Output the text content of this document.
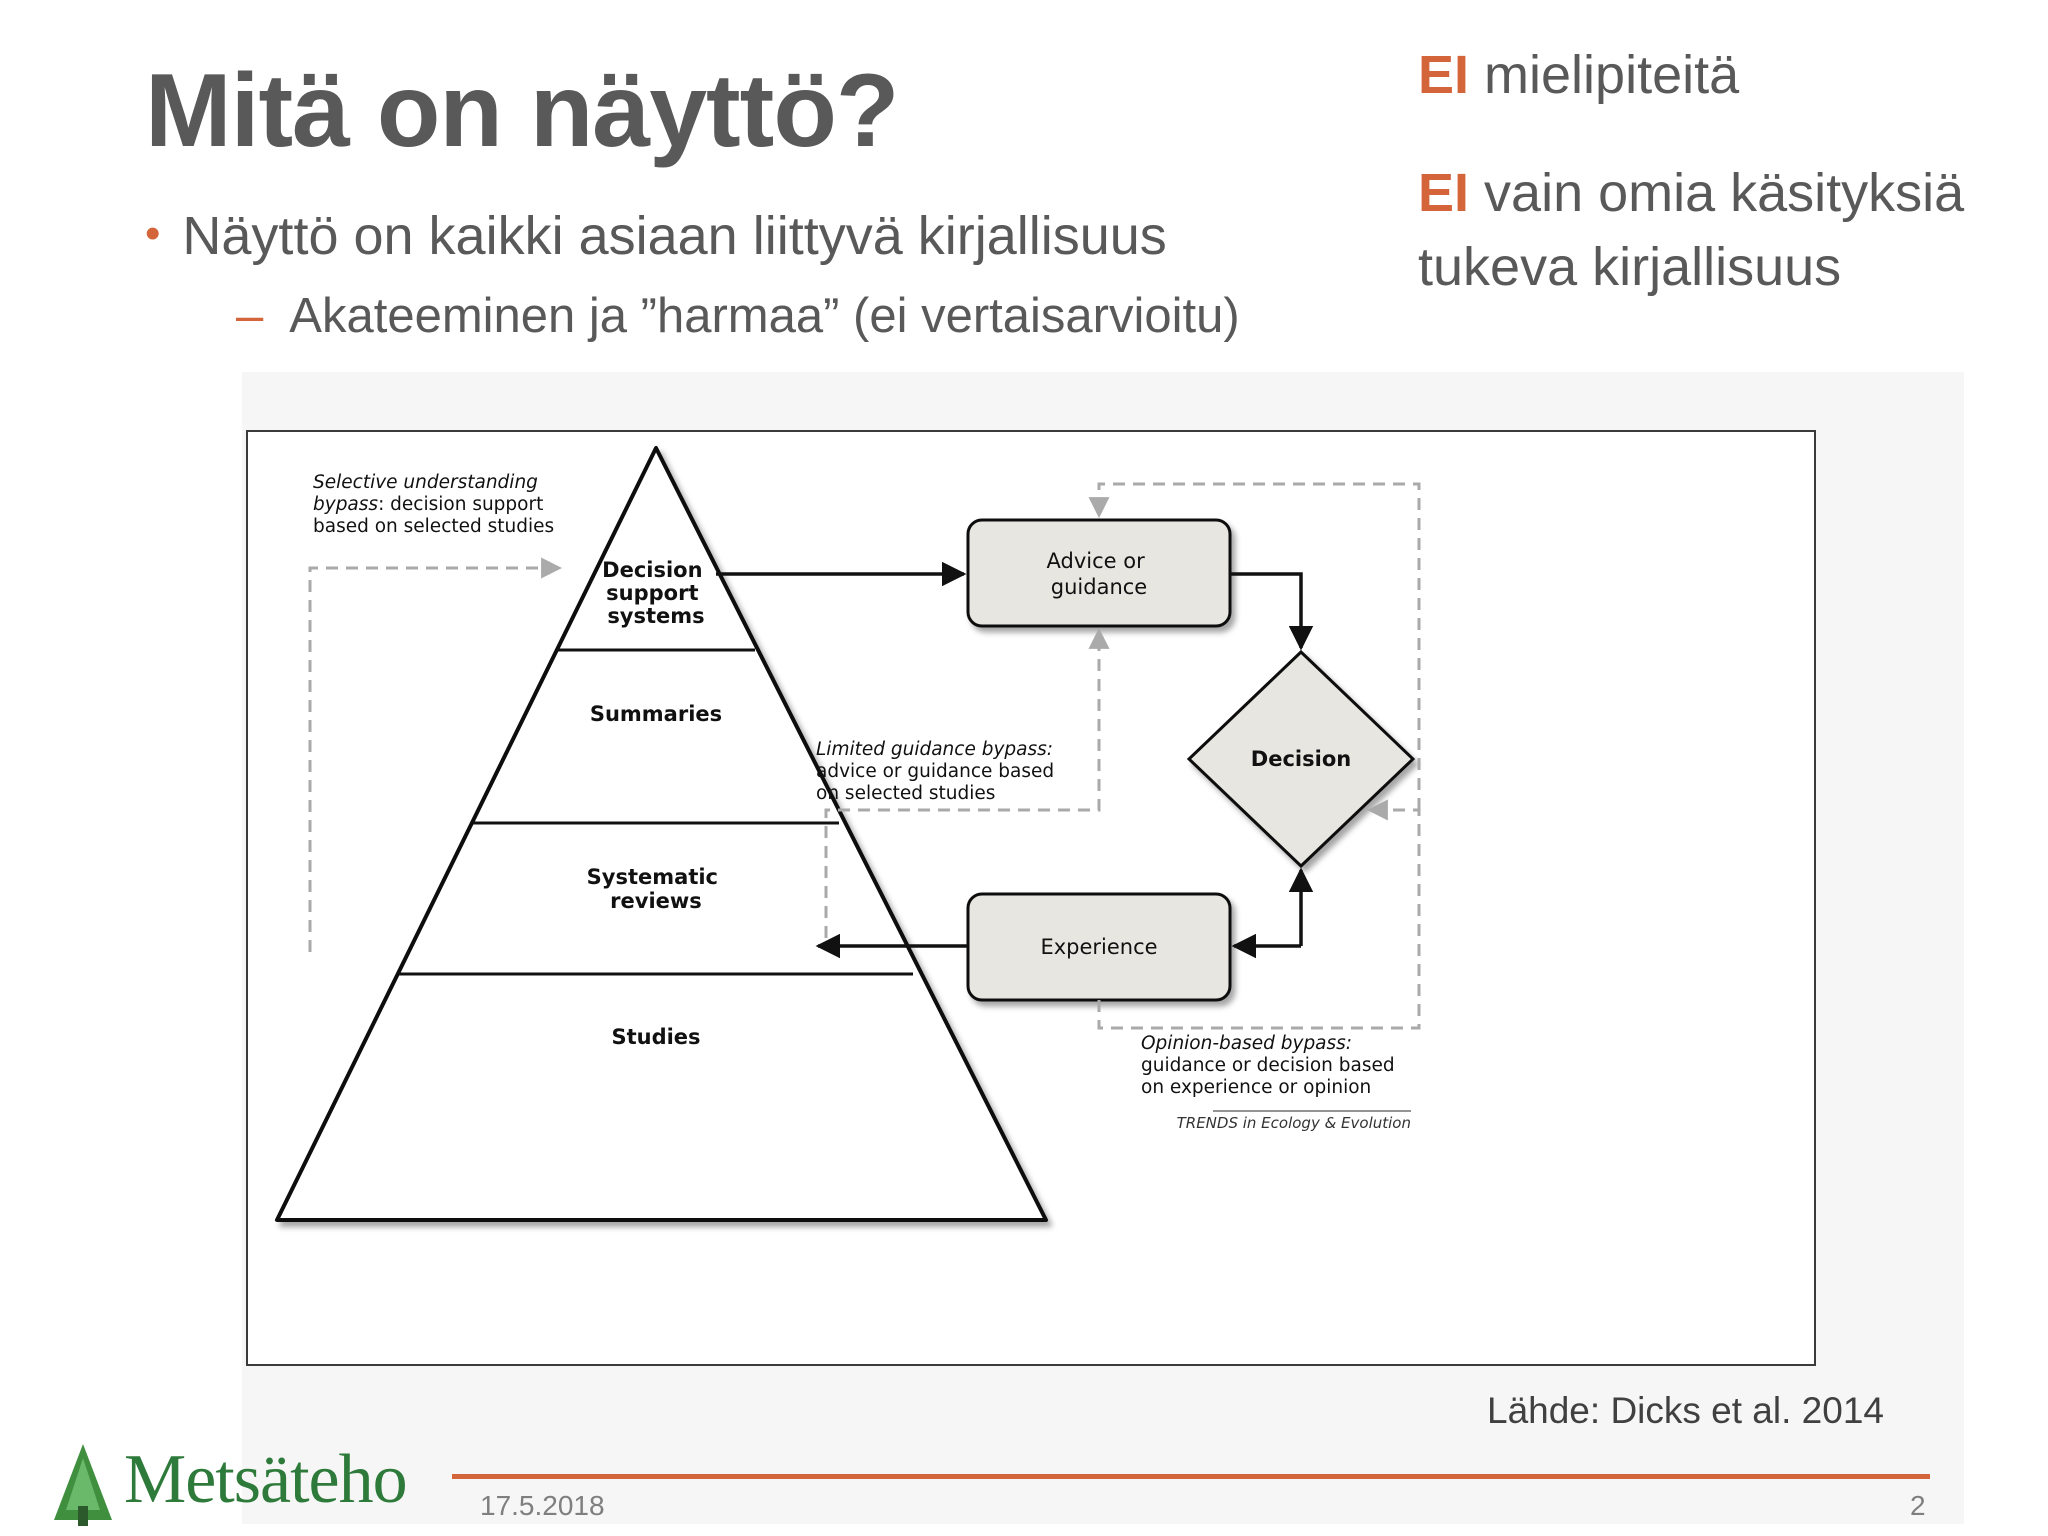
Mitä on näyttö?
• Näyttö on kaikki asiaan liittyvä kirjallisuus
– Akateeminen ja ”harmaa” (ei vertaisarvioitu)
EI mielipiteitä
EI vain omia käsityksiä
tukeva kirjallisuus
Decision support systems
Summaries
Systematic reviews
Studies
Advice or guidance
Decision
Experience
Selective understanding bypass: decision support based on selected studies
Limited guidance bypass: advice or guidance based on selected studies
Opinion-based bypass: guidance or decision based on experience or opinion
TRENDS in Ecology & Evolution
Lähde: Dicks et al. 2014
Metsäteho	17.5.2018	2
